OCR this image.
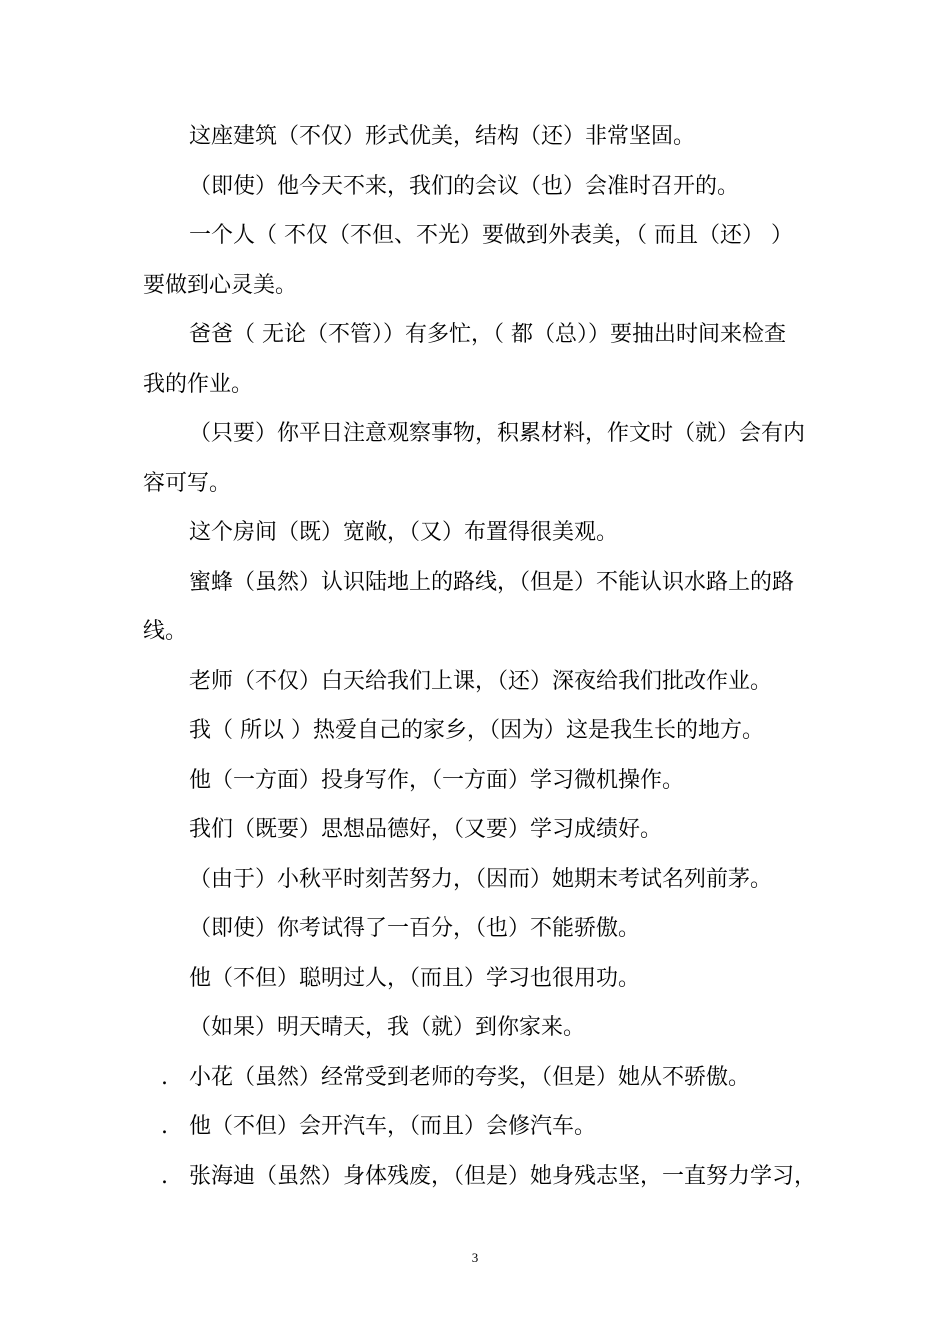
这座建筑（不仅）形式优美，结构（还）非常坚固。

（即使）他今天不来，我们的会议（也）会准时召开的。

一个人（ 不仅（不但、不光）要做到外表美，（ 而且（还） ）

要做到心灵美。

爸爸（ 无论（不管））有多忙，（ 都（总））要抽出时间来检查

我的作业。

（只要）你平日注意观察事物，积累材料，作文时（就）会有内

容可写。

这个房间（既）宽敞，（又）布置得很美观。

蜜蜂（虽然）认识陆地上的路线，（但是）不能认识水路上的路

线。

老师（不仅）白天给我们上课，（还）深夜给我们批改作业。

我（ 所以 ）热爱自己的家乡，（因为）这是我生长的地方。

他（一方面）投身写作，（一方面）学习微机操作。

我们（既要）思想品德好，（又要）学习成绩好。

（由于）小秋平时刻苦努力，（因而）她期末考试名列前茅。

（即使）你考试得了一百分，（也）不能骄傲。

他（不但）聪明过人，（而且）学习也很用功。

（如果）明天晴天，我（就）到你家来。

. 小花（虽然）经常受到老师的夸奖，（但是）她从不骄傲。

. 他（不但）会开汽车，（而且）会修汽车。

. 张海迪（虽然）身体残废，（但是）她身残志坚，一直努力学习，

3
